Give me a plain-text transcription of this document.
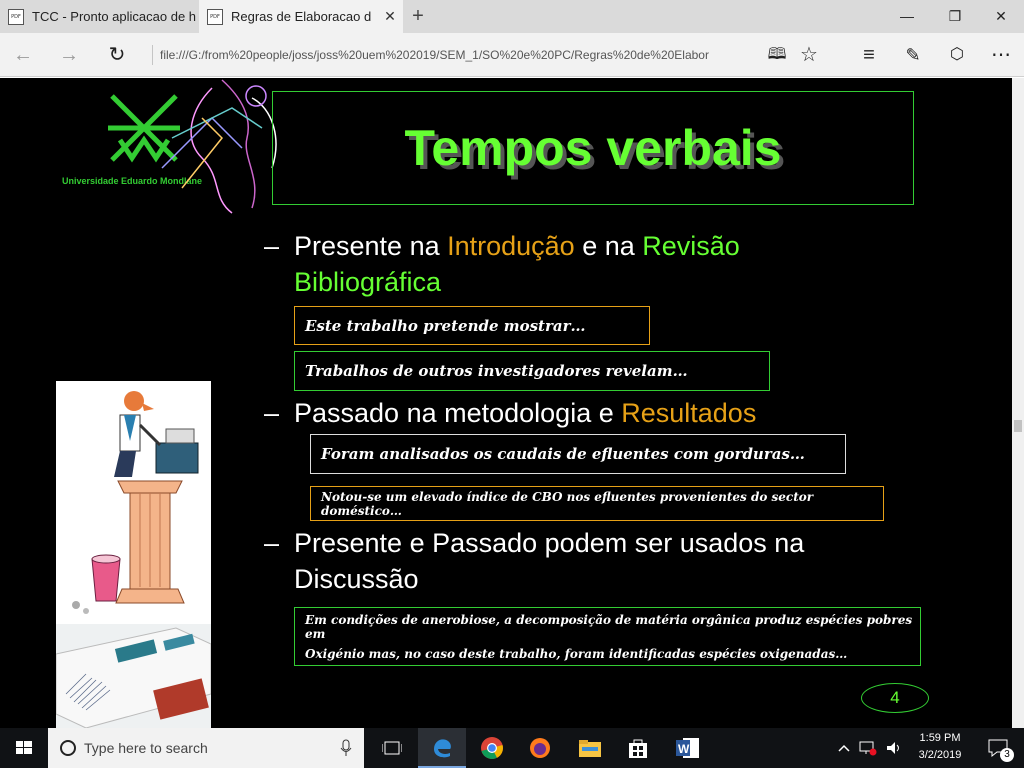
PDF TCC - Pronto aplicacao de h	PDF Regras de Elaboracao d ✕ +	—	❐	✕
←	→	↻	file:///G:/from%20people/joss/joss%20uem%202019/SEM_1/SO%20e%20PC/Regras%20de%20Elabor	🕮 ☆	≡	✎	⬡	⋯
Universidade Eduardo Mondlane
Tempos verbais
– Presente na Introdução e na Revisão
Bibliográfica
Este trabalho pretende mostrar…
Trabalhos de outros investigadores revelam…
– Passado na metodologia e Resultados
Foram analisados os caudais de efluentes com gorduras…
Notou-se um elevado índice de CBO nos efluentes provenientes do sector doméstico…
– Presente e Passado podem ser usados na
Discussão
Em condições de anerobiose, a decomposição de matéria orgânica produz espécies pobres em
Oxigénio mas, no caso deste trabalho, foram identificadas espécies oxigenadas…
4
Type here to search	W
1:59 PM
3/2/2019	3
